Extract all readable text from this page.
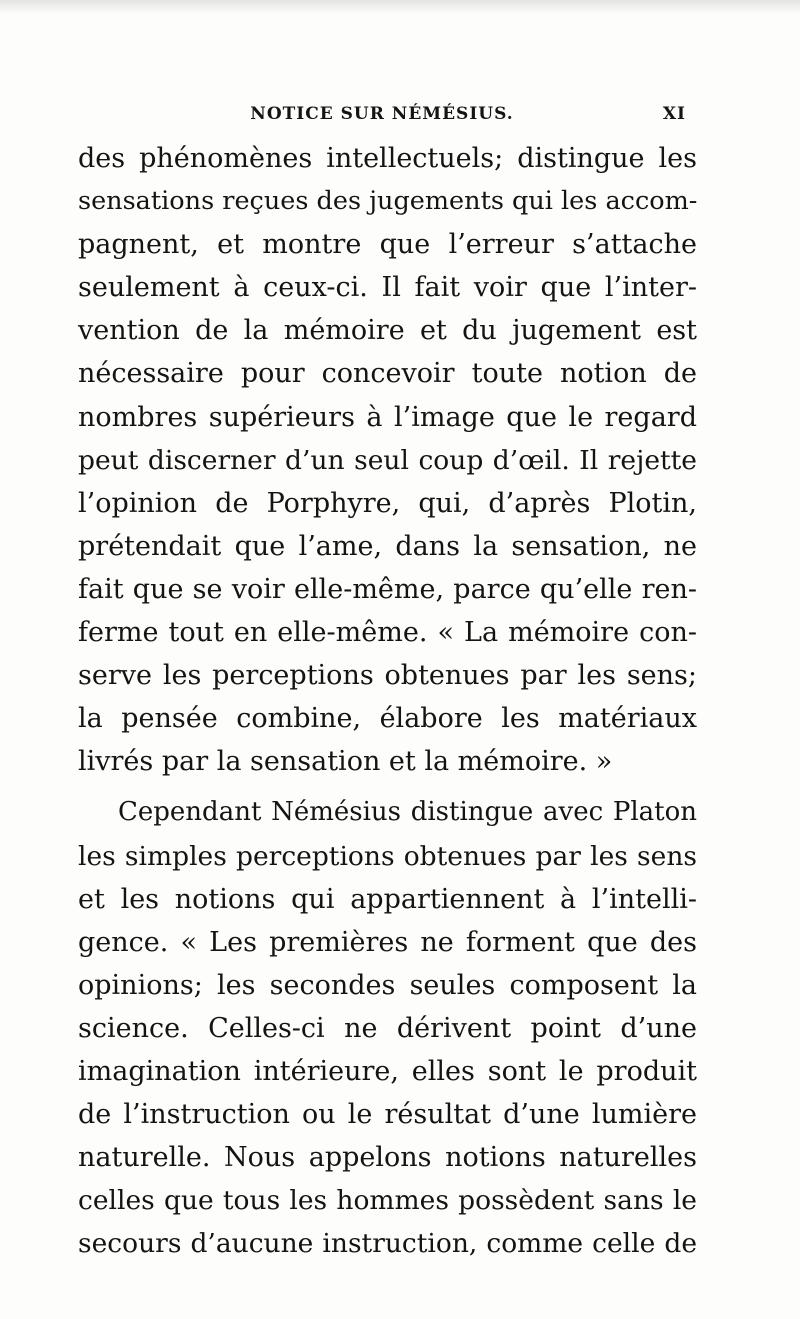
NOTICE SUR NÉMÉSIUS.	XI
des phénomènes intellectuels; distingue les
sensations reçues des jugements qui les accom-
pagnent, et montre que l’erreur s’attache
seulement à ceux-ci. Il fait voir que l’inter-
vention de la mémoire et du jugement est
nécessaire pour concevoir toute notion de
nombres supérieurs à l’image que le regard
peut discerner d’un seul coup d’œil. Il rejette
l’opinion de Porphyre, qui, d’après Plotin,
prétendait que l’ame, dans la sensation, ne
fait que se voir elle-même, parce qu’elle ren-
ferme tout en elle-même. « La mémoire con-
serve les perceptions obtenues par les sens;
la pensée combine, élabore les matériaux
livrés par la sensation et la mémoire. »
Cependant Némésius distingue avec Platon
les simples perceptions obtenues par les sens
et les notions qui appartiennent à l’intelli-
gence. « Les premières ne forment que des
opinions; les secondes seules composent la
science. Celles-ci ne dérivent point d’une
imagination intérieure, elles sont le produit
de l’instruction ou le résultat d’une lumière
naturelle. Nous appelons notions naturelles
celles que tous les hommes possèdent sans le
secours d’aucune instruction, comme celle de
